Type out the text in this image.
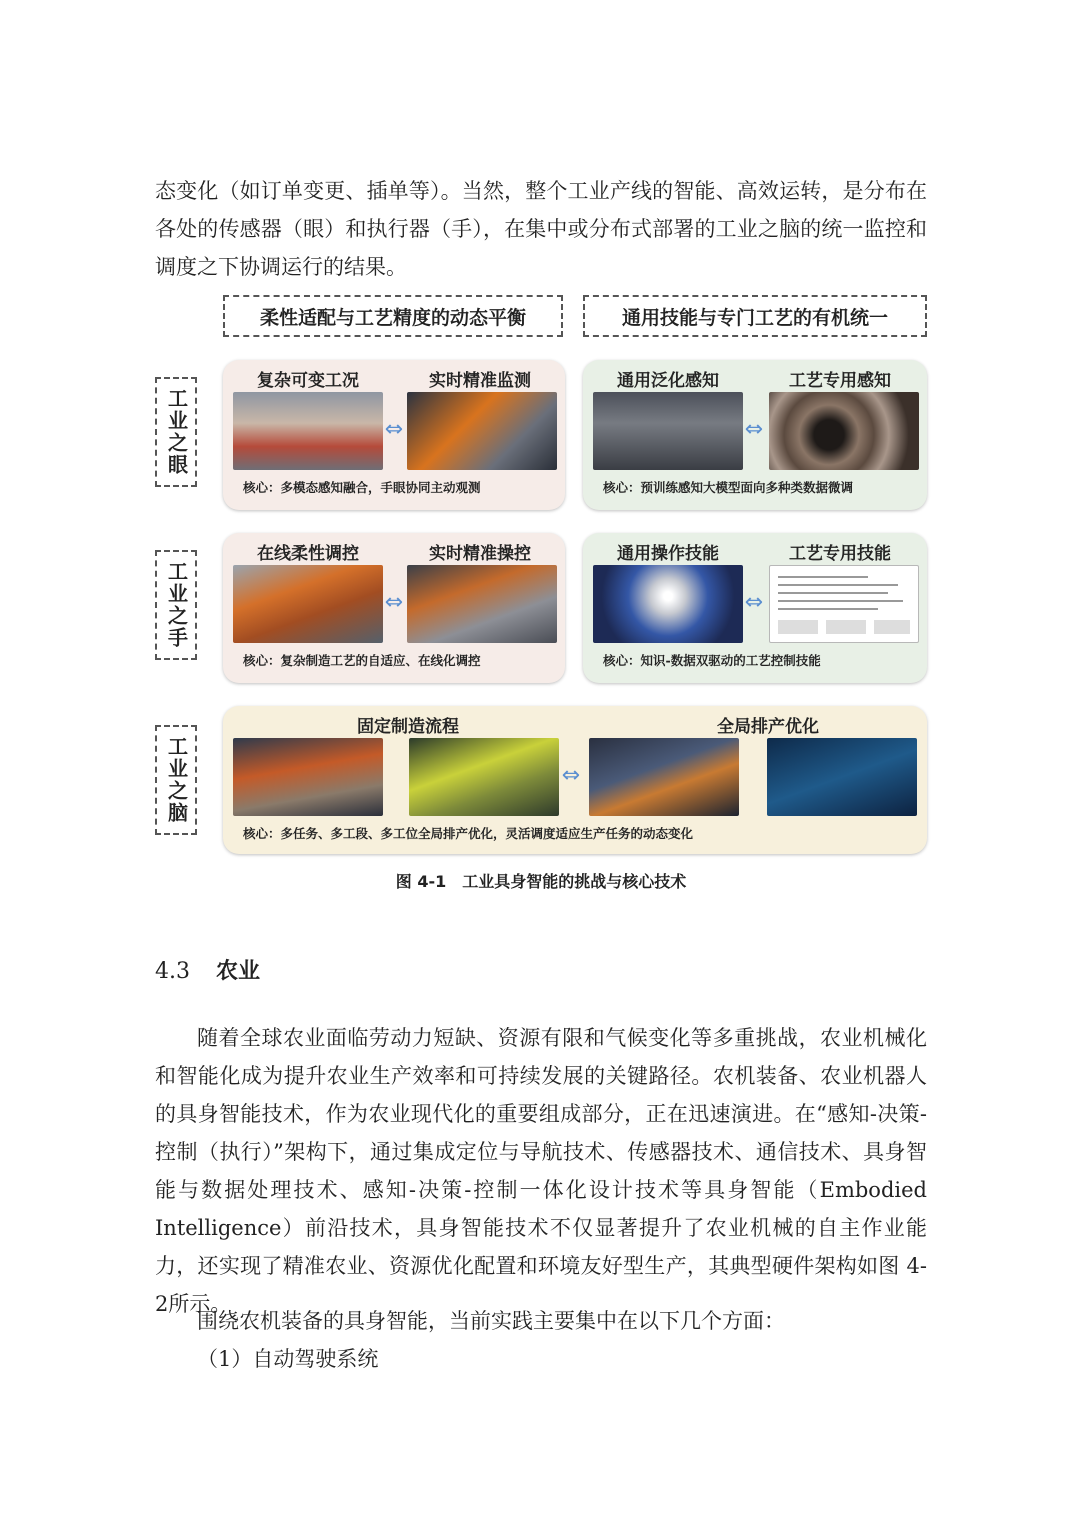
态变化（如订单变更、插单等）。当然，整个工业产线的智能、高效运转，是分布在各处的传感器（眼）和执行器（手），在集中或分布式部署的工业之脑的统一监控和调度之下协调运行的结果。

柔性适配与工艺精度的动态平衡	通用技能与专门工艺的有机统一
工业之眼
复杂可变工况	实时精准监测
⇔
核心：多模态感知融合，手眼协同主动观测
通用泛化感知	工艺专用感知
⇔
核心：预训练感知大模型面向多种类数据微调
工业之手
在线柔性调控	实时精准操控
⇔
核心：复杂制造工艺的自适应、在线化调控
通用操作技能	工艺专用技能
⇔
核心：知识-数据双驱动的工艺控制技能
工业之脑
固定制造流程	全局排产优化
⇔
核心：多任务、多工段、多工位全局排产优化，灵活调度适应生产任务的动态变化
图 4-1　工业具身智能的挑战与核心技术
4.3 农业

随着全球农业面临劳动力短缺、资源有限和气候变化等多重挑战，农业机械化和智能化成为提升农业生产效率和可持续发展的关键路径。农机装备、农业机器人的具身智能技术，作为农业现代化的重要组成部分，正在迅速演进。在“感知-决策-控制（执行）”架构下，通过集成定位与导航技术、传感器技术、通信技术、具身智能与数据处理技术、感知-决策-控制一体化设计技术等具身智能（Embodied Intelligence）前沿技术，具身智能技术不仅显著提升了农业机械的自主作业能力，还实现了精准农业、资源优化配置和环境友好型生产，其典型硬件架构如图 4-2所示。

围绕农机装备的具身智能，当前实践主要集中在以下几个方面：

（1）自动驾驶系统
